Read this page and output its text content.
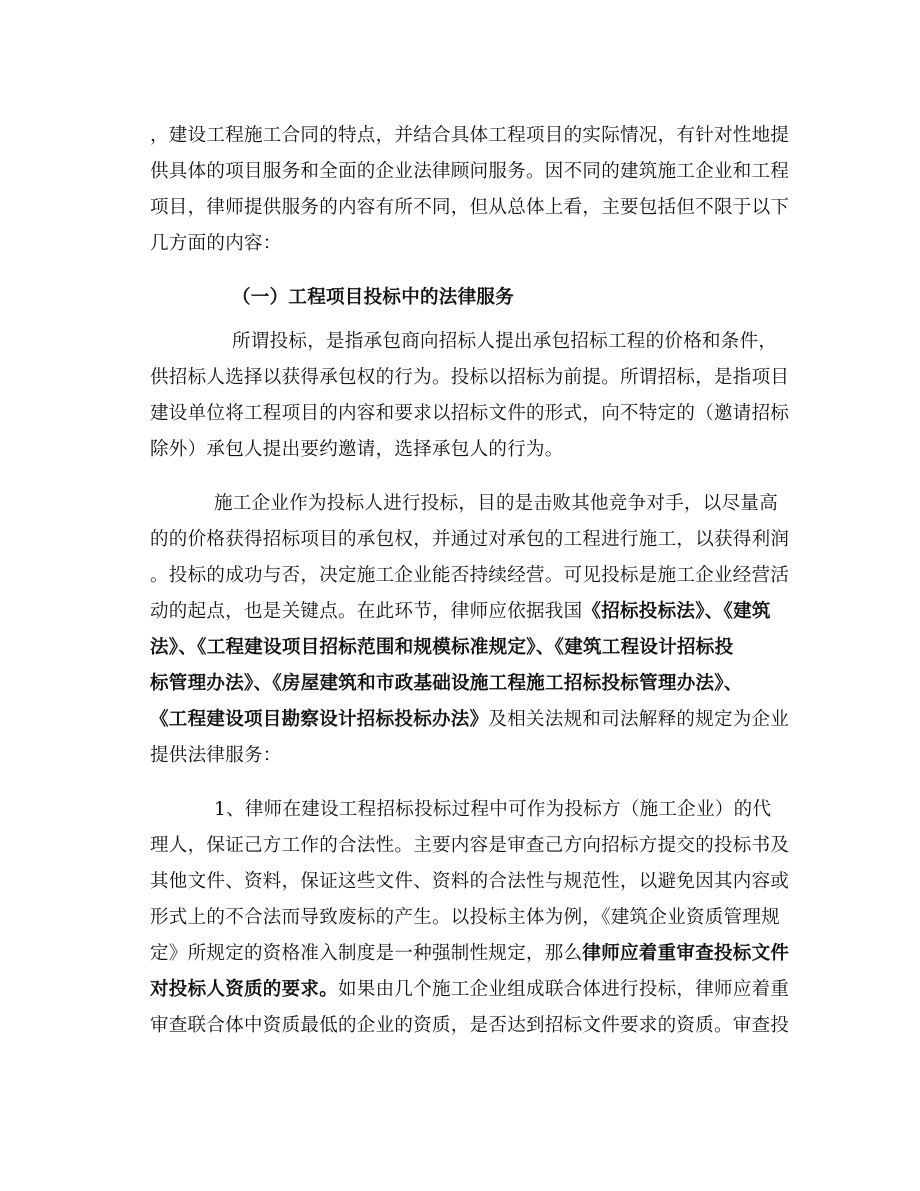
，建设工程施工合同的特点，并结合具体工程项目的实际情况，有针对性地提
供具体的项目服务和全面的企业法律顾问服务。因不同的建筑施工企业和工程
项目，律师提供服务的内容有所不同，但从总体上看，主要包括但不限于以下
几方面的内容：
（一）工程项目投标中的法律服务
所谓投标，是指承包商向招标人提出承包招标工程的价格和条件，
供招标人选择以获得承包权的行为。投标以招标为前提。所谓招标，是指项目
建设单位将工程项目的内容和要求以招标文件的形式，向不特定的（邀请招标
除外）承包人提出要约邀请，选择承包人的行为。
施工企业作为投标人进行投标，目的是击败其他竞争对手，以尽量高
的的价格获得招标项目的承包权，并通过对承包的工程进行施工，以获得利润
。投标的成功与否，决定施工企业能否持续经营。可见投标是施工企业经营活
动的起点，也是关键点。在此环节，律师应依据我国《招标投标法》、《建筑
法》、《工程建设项目招标范围和规模标准规定》、《建筑工程设计招标投
标管理办法》、《房屋建筑和市政基础设施工程施工招标投标管理办法》、
《工程建设项目勘察设计招标投标办法》及相关法规和司法解释的规定为企业
提供法律服务：
1、律师在建设工程招标投标过程中可作为投标方（施工企业）的代
理人，保证己方工作的合法性。主要内容是审查己方向招标方提交的投标书及
其他文件、资料，保证这些文件、资料的合法性与规范性，以避免因其内容或
形式上的不合法而导致废标的产生。以投标主体为例，《建筑企业资质管理规
定》所规定的资格准入制度是一种强制性规定，那么律师应着重审查投标文件
对投标人资质的要求。如果由几个施工企业组成联合体进行投标，律师应着重
审查联合体中资质最低的企业的资质，是否达到招标文件要求的资质。审查投
